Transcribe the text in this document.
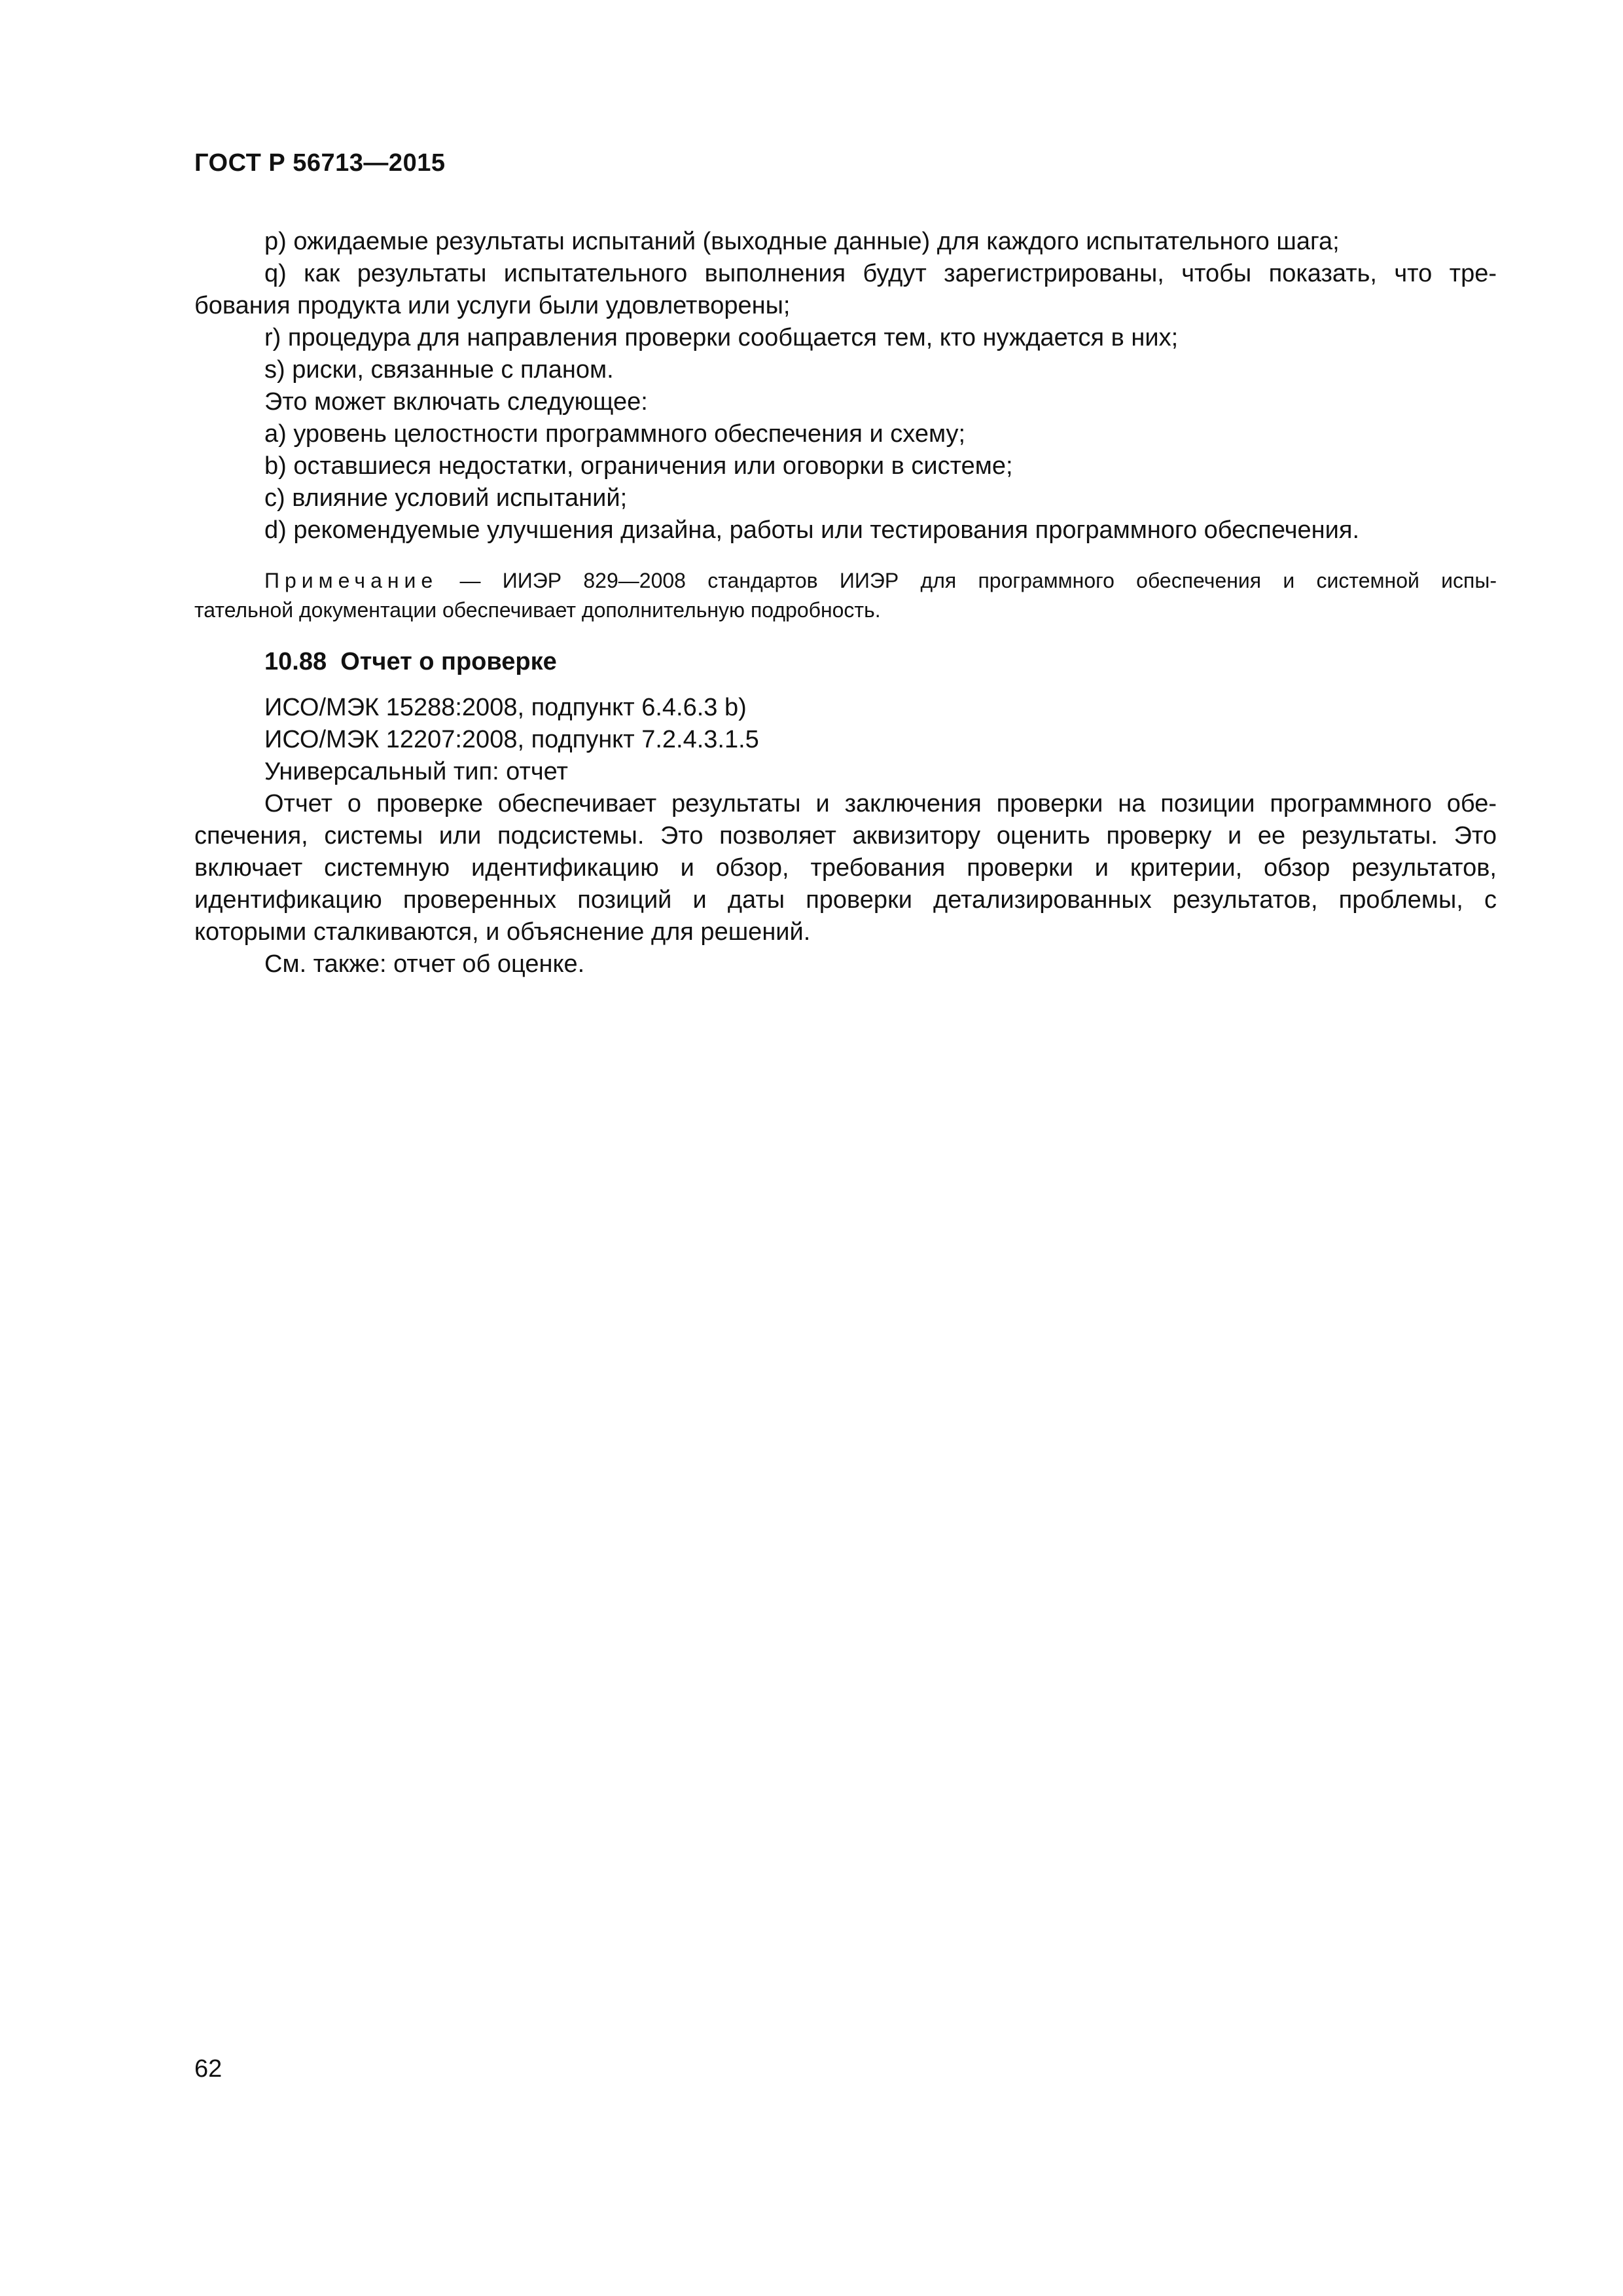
ГОСТ Р 56713—2015
p) ожидаемые результаты испытаний (выходные данные) для каждого испытательного шага;
q) как результаты испытательного выполнения будут зарегистрированы, чтобы показать, что тре-
бования продукта или услуги были удовлетворены;
r) процедура для направления проверки сообщается тем, кто нуждается в них;
s) риски, связанные с планом.
Это может включать следующее:
a) уровень целостности программного обеспечения и схему;
b) оставшиеся недостатки, ограничения или оговорки в системе;
c) влияние условий испытаний;
d) рекомендуемые улучшения дизайна, работы или тестирования программного обеспечения.
Примечание — ИИЭР 829—2008 стандартов ИИЭР для программного обеспечения и системной испы-
тательной документации обеспечивает дополнительную подробность.
10.88 Отчет о проверке
ИСО/МЭК 15288:2008, подпункт 6.4.6.3 b)
ИСО/МЭК 12207:2008, подпункт 7.2.4.3.1.5
Универсальный тип: отчет
Отчет о проверке обеспечивает результаты и заключения проверки на позиции программного обе-
спечения, системы или подсистемы. Это позволяет аквизитору оценить проверку и ее результаты. Это
включает системную идентификацию и обзор, требования проверки и критерии, обзор результатов,
идентификацию проверенных позиций и даты проверки детализированных результатов, проблемы, с
которыми сталкиваются, и объяснение для решений.
См. также: отчет об оценке.
62
